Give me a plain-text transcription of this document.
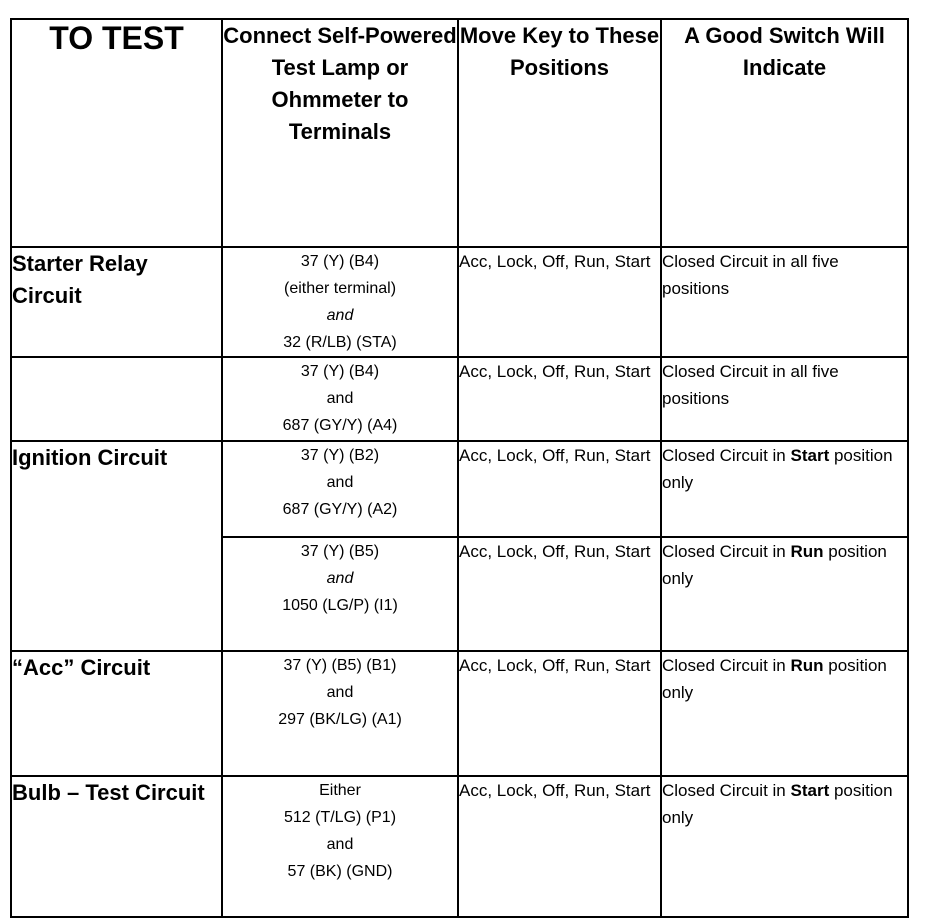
TO TEST	Connect Self-Powered Test Lamp or Ohmmeter to Terminals	Move Key to These Positions	A Good Switch Will Indicate
Starter Relay Circuit	37 (Y) (B4)
(either terminal)
and
32 (R/LB) (STA)	Acc, Lock, Off, Run, Start	Closed Circuit in all five positions

	37 (Y) (B4)
and
687 (GY/Y) (A4)	Acc, Lock, Off, Run, Start	Closed Circuit in all five positions
Ignition Circuit	37 (Y) (B2)
and
687 (GY/Y) (A2)	Acc, Lock, Off, Run, Start	Closed Circuit in Start position only

	37 (Y) (B5)
and
1050 (LG/P) (I1)	Acc, Lock, Off, Run, Start	Closed Circuit in Run position only
“Acc” Circuit	37 (Y) (B5) (B1)
and
297 (BK/LG) (A1)	Acc, Lock, Off, Run, Start	Closed Circuit in Run position only
Bulb – Test Circuit	Either
512 (T/LG) (P1)
and
57 (BK) (GND)	Acc, Lock, Off, Run, Start	Closed Circuit in Start position only
